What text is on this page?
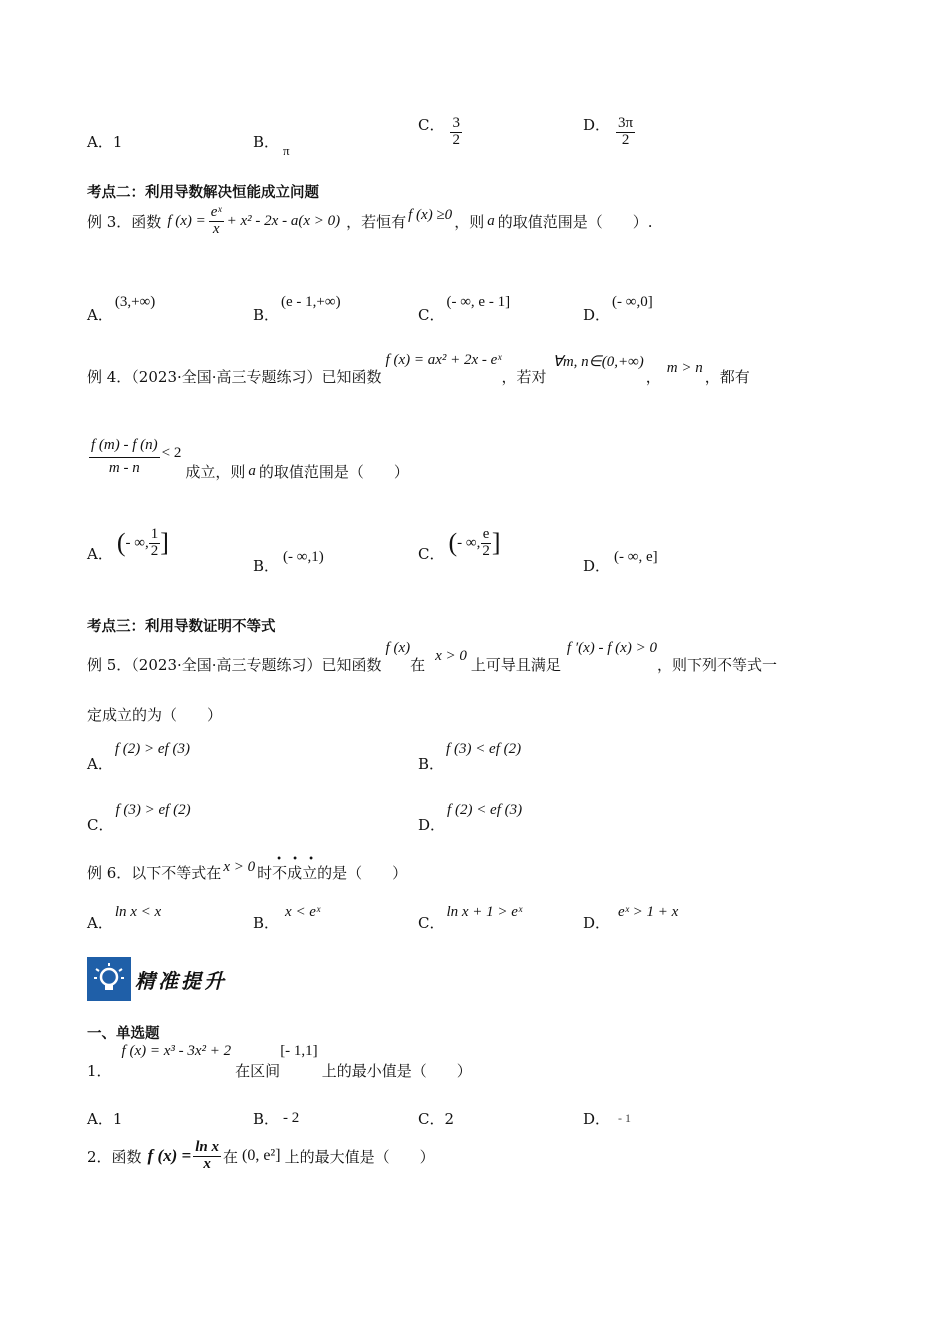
A．1	B． π
C． $\frac{3}{2}$	D． $\frac{3\pi}{2}$
考点二：利用导数解决恒能成立问题
例 3．函数 f $(x) = \frac{\text{eˣ}}{x} + x^2 - 2x - a(x > 0)$ ，若恒有 f (x) ≥0 ，则 a 的取值范围是（　　）.
A．(3,+∞)
B．(e - 1,+∞)
C．(- ∞, e - 1]
D．(- ∞,0]
例 4．（2023·全国·高三专题练习）已知函数
f (x) = ax² + 2x - eˣ
，若对
∀m, n∈(0,+∞)
， m > n ，都有
$\frac{f (m) - f (n)}{m - n} < 2$
成立，则 a 的取值范围是（　　）
A． ( - ∞, $\frac{1}{2}$ ]
B． (- ∞,1)	C． ( - ∞, $\frac{e}{2}$ ]
D． (- ∞, e]
考点三：利用导数证明不等式
例 5．（2023·全国·高三专题练习）已知函数
f (x)
在 x > 0 上可导且满足
f ′(x) - f (x) > 0
，则下列不等式一
定成立的为（　　）
A．f (2) > ef (3)
B．f (3) < ef (2)
C．f (3) > ef (2)
D．f (2) < ef (3)
例 6．以下不等式在 x > 0 时
• • •
不成立 的是（　　）
A．ln x < x
B．x < eˣ
C．ln x + 1 > eˣ
D．eˣ > 1 + x
精准提升
一、单选题
1．
f (x) = x³ - 3x² + 2
在区间
[- 1,1]
上的最小值是（　　）
A．1	B． - 2	C．2	D． - 1
2．函数 f $(x) = \frac{\text{ln x}}{x}$ 在 (0, e²] 上的最大值是（　　）
